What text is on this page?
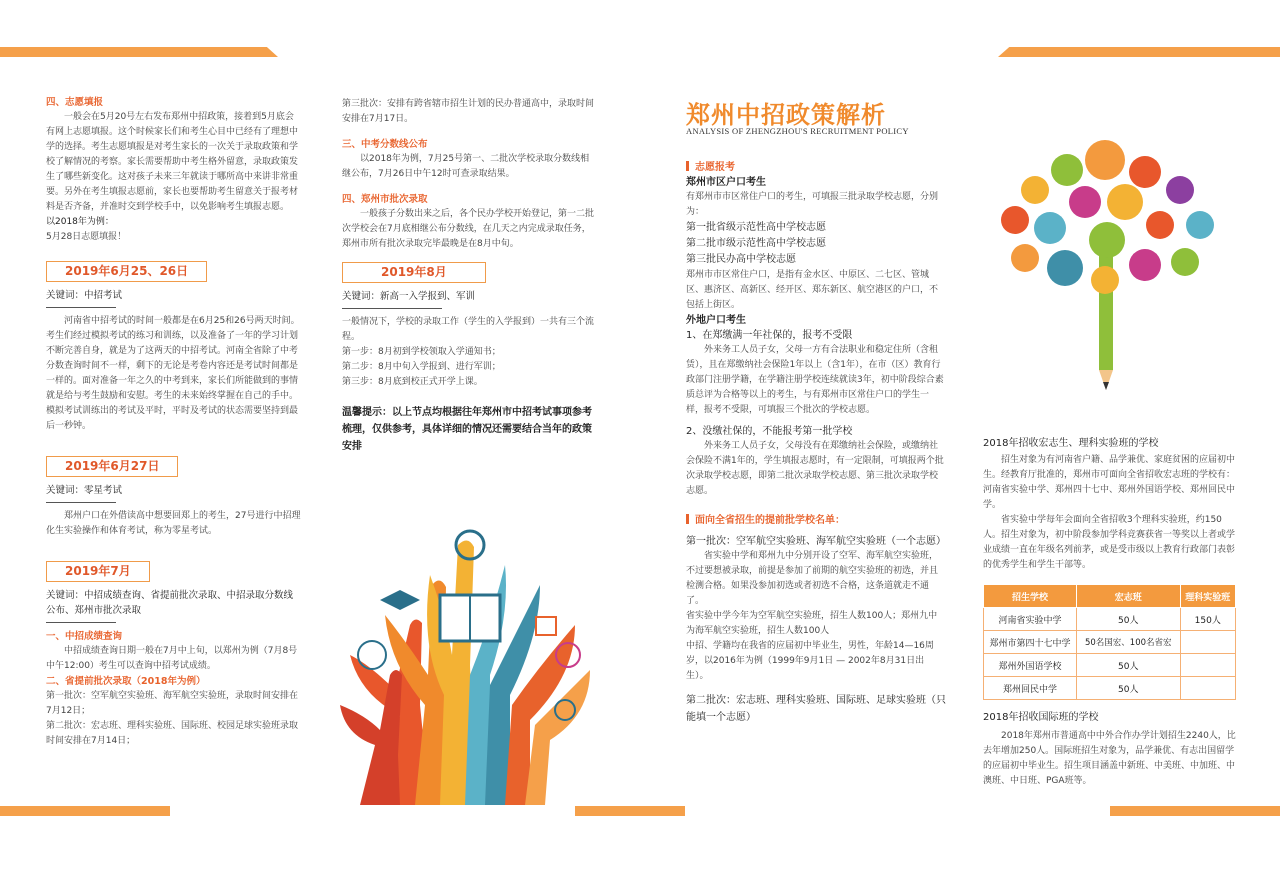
四、志愿填报

一般会在5月20号左右发布郑州中招政策，接着到5月底会有网上志愿填报。这个时候家长们和考生心目中已经有了理想中学的选择。考生志愿填报是对考生家长的一次关于录取政策和学校了解情况的考察。家长需要帮助中考生格外留意，录取政策发生了哪些新变化。这对孩子未来三年就读于哪所高中来讲非常重要。另外在考生填报志愿前，家长也要帮助考生留意关于报考材料是否齐备，并准时交到学校手中，以免影响考生填报志愿。

以2018年为例：

5月28日志愿填报！

2019年6月25、26日

关键词：中招考试

河南省中招考试的时间一般都是在6月25和26号两天时间。考生们经过模拟考试的练习和训练，以及准备了一年的学习计划不断完善自身，就是为了这两天的中招考试。河南全省除了中考分数查询时间不一样，剩下的无论是考卷内容还是考试时间都是一样的。面对准备一年之久的中考到来，家长们所能做到的事情就是给与考生鼓励和安慰。考生的未来始终掌握在自己的手中。模拟考试训练出的考试及平时，平时及考试的状态需要坚持到最后一秒钟。

2019年6月27日

关键词：零星考试

郑州户口在外借读高中想要回郑上的考生，27号进行中招理化生实验操作和体育考试，称为零星考试。

2019年7月

关键词：中招成绩查询、省提前批次录取、中招录取分数线公布、郑州市批次录取

一、中招成绩查询

中招成绩查询日期一般在7月中上旬，以郑州为例（7月8号中午12:00）考生可以查询中招考试成绩。

二、省提前批次录取（2018年为例）

第一批次：空军航空实验班、海军航空实验班，录取时间安排在7月12日；

第二批次：宏志班、理科实验班、国际班、校园足球实验班录取时间安排在7月14日；

第三批次：安排有跨省辖市招生计划的民办普通高中，录取时间安排在7月17日。

三、中考分数线公布

以2018年为例，7月25号第一、二批次学校录取分数线相继公布，7月26日中午12时可查录取结果。

四、郑州市批次录取

一般孩子分数出来之后，各个民办学校开始登记，第一二批次学校会在7月底相继公布分数线，在几天之内完成录取任务，郑州市所有批次录取完毕最晚是在8月中旬。

2019年8月

关键词：新高一入学报到、军训

一般情况下，学校的录取工作（学生的入学报到）一共有三个流程。

第一步：8月初到学校领取入学通知书；

第二步：8月中旬入学报到、进行军训；

第三步：8月底到校正式开学上课。

温馨提示：以上节点均根据往年郑州市中招考试事项参考梳理，仅供参考，具体详细的情况还需要结合当年的政策安排

郑州中招政策解析
ANALYSIS OF ZHENGZHOU'S RECRUITMENT POLICY

志愿报考

郑州市区户口考生

有郑州市市区常住户口的考生，可填报三批录取学校志愿，分别为：

第一批省级示范性高中学校志愿

第二批市级示范性高中学校志愿

第三批民办高中学校志愿

郑州市市区常住户口，是指有金水区、中原区、二七区、管城区、惠济区、高新区、经开区、郑东新区、航空港区的户口，不包括上街区。

外地户口考生

1、在郑缴满一年社保的，报考不受限

外来务工人员子女，父母一方有合法职业和稳定住所（含租赁），且在郑缴纳社会保险1年以上（含1年），在市（区）教育行政部门注册学籍，在学籍注册学校连续就读3年，初中阶段综合素质总评为合格等以上的考生，与有郑州市区常住户口的学生一样，报考不受限，可填报三个批次的学校志愿。

2、没缴社保的，不能报考第一批学校

外来务工人员子女，父母没有在郑缴纳社会保险，或缴纳社会保险不满1年的，学生填报志愿时，有一定限制，可填报两个批次录取学校志愿，即第二批次录取学校志愿、第三批次录取学校志愿。

面向全省招生的提前批学校名单：

第一批次：空军航空实验班、海军航空实验班（一个志愿）

省实验中学和郑州九中分别开设了空军、海军航空实验班，不过要想被录取，前提是参加了前期的航空实验班的初选，并且检测合格。如果没参加初选或者初选不合格，这条道就走不通了。

省实验中学今年为空军航空实验班，招生人数100人；郑州九中为海军航空实验班，招生人数100人

中招、学籍均在我省的应届初中毕业生，男性，年龄14—16周岁，以2016年为例（1999年9月1日 — 2002年8月31日出生）。

第二批次：宏志班、理科实验班、国际班、足球实验班（只能填一个志愿）

2018年招收宏志生、理科实验班的学校

招生对象为有河南省户籍、品学兼优、家庭贫困的应届初中生。经教育厅批准的，郑州市可面向全省招收宏志班的学校有：河南省实验中学、郑州四十七中、郑州外国语学校、郑州回民中学。

省实验中学每年会面向全省招收3个理科实验班，约150人。招生对象为，初中阶段参加学科竞赛获省一等奖以上者或学业成绩一直在年级名列前茅，或是受市级以上教育行政部门表彰的优秀学生和学生干部等。

招生学校	宏志班	理科实验班
河南省实验中学	50人	150人
郑州市第四十七中学	50名国宏、100名省宏	
郑州外国语学校	50人	
郑州回民中学	50人	

2018年招收国际班的学校

2018年郑州市普通高中中外合作办学计划招生2240人，比去年增加250人。国际班招生对象为，品学兼优、有志出国留学的应届初中毕业生。招生项目涵盖中新班、中美班、中加班、中澳班、中日班、PGA班等。
